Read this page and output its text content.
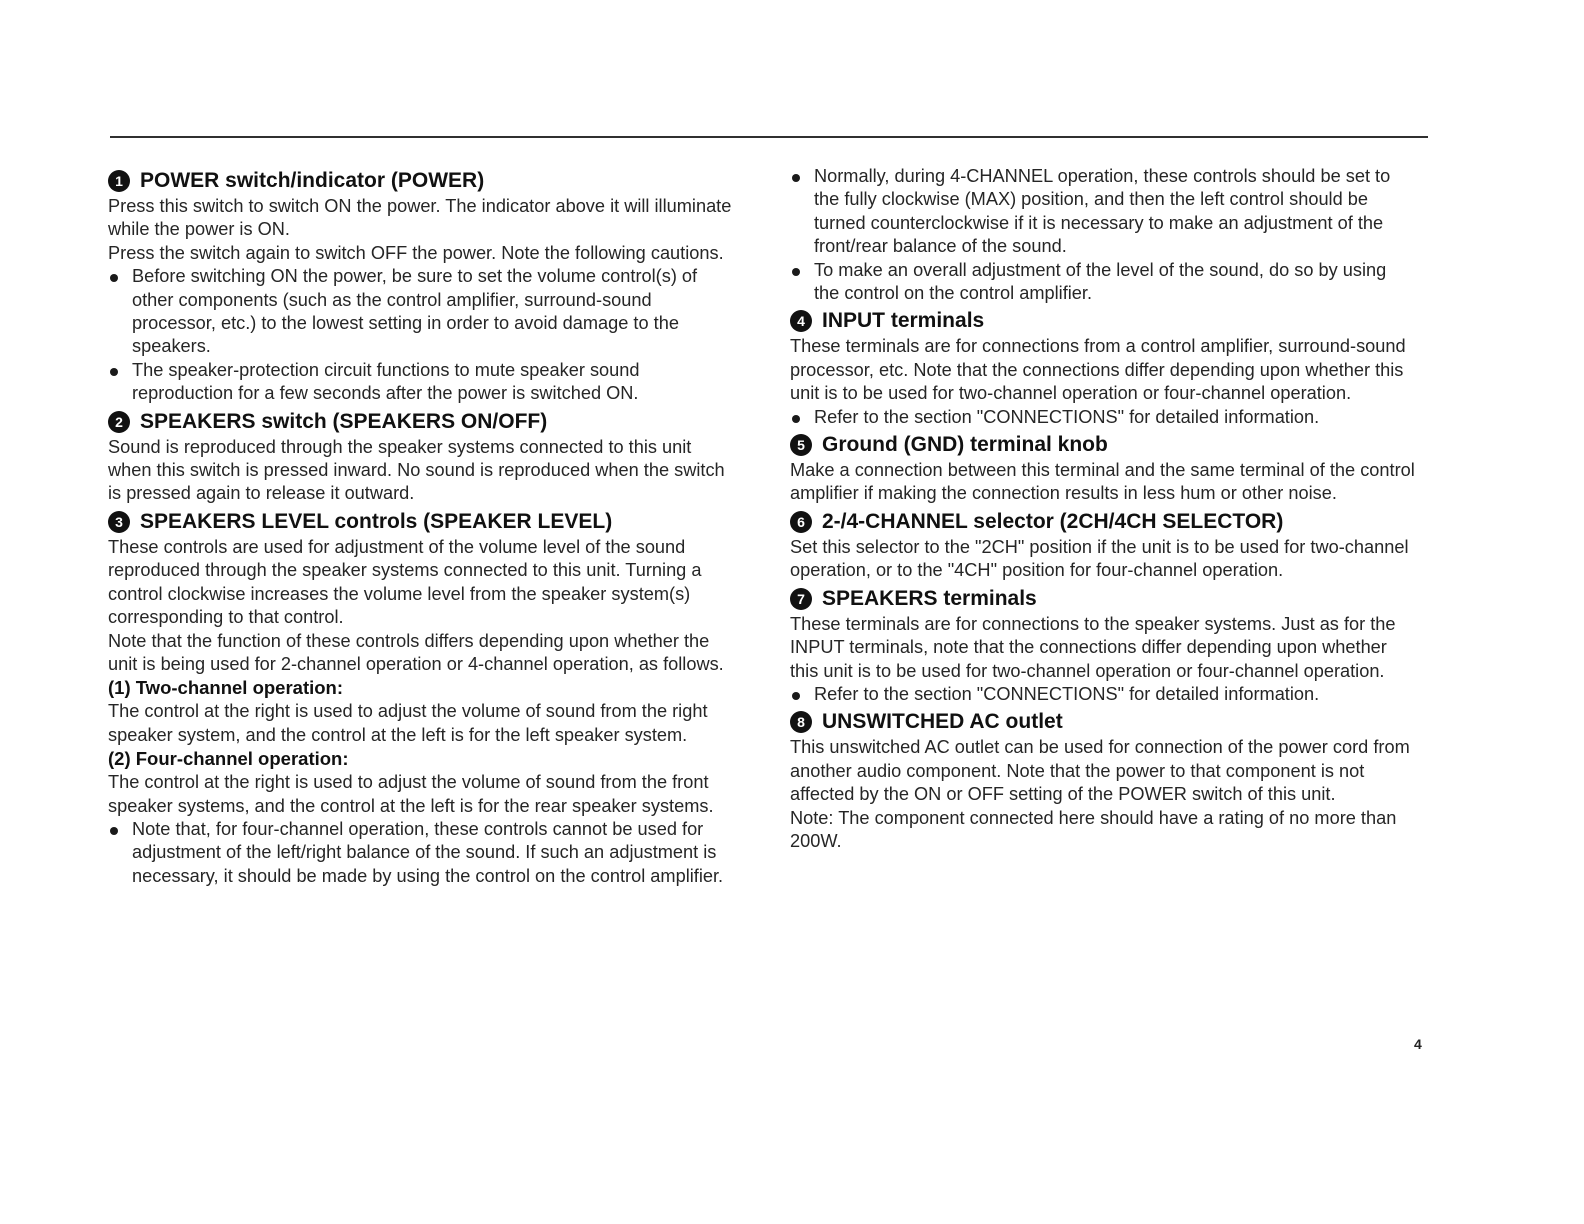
1 POWER switch/indicator (POWER)

Press this switch to switch ON the power. The indicator above it will illuminate while the power is ON.

Press the switch again to switch OFF the power. Note the following cautions.

Before switching ON the power, be sure to set the volume control(s) of other components (such as the control amplifier, surround-sound processor, etc.) to the lowest setting in order to avoid damage to the speakers.
The speaker-protection circuit functions to mute speaker sound reproduction for a few seconds after the power is switched ON.
2 SPEAKERS switch (SPEAKERS ON/OFF)

Sound is reproduced through the speaker systems connected to this unit when this switch is pressed inward. No sound is reproduced when the switch is pressed again to release it outward.

3 SPEAKERS LEVEL controls (SPEAKER LEVEL)

These controls are used for adjustment of the volume level of the sound reproduced through the speaker systems connected to this unit. Turning a control clockwise increases the volume level from the speaker system(s) corresponding to that control.

Note that the function of these controls differs depending upon whether the unit is being used for 2-channel operation or 4-channel operation, as follows.

(1) Two-channel operation:

The control at the right is used to adjust the volume of sound from the right speaker system, and the control at the left is for the left speaker system.

(2) Four-channel operation:

The control at the right is used to adjust the volume of sound from the front speaker systems, and the control at the left is for the rear speaker systems.

Note that, for four-channel operation, these controls cannot be used for adjustment of the left/right balance of the sound. If such an adjustment is necessary, it should be made by using the control on the control amplifier.
Normally, during 4-CHANNEL operation, these controls should be set to the fully clockwise (MAX) position, and then the left control should be turned counterclockwise if it is necessary to make an adjustment of the front/rear balance of the sound.
To make an overall adjustment of the level of the sound, do so by using the control on the control amplifier.
4 INPUT terminals

These terminals are for connections from a control amplifier, surround-sound processor, etc. Note that the connections differ depending upon whether this unit is to be used for two-channel operation or four-channel operation.

Refer to the section "CONNECTIONS" for detailed information.
5 Ground (GND) terminal knob

Make a connection between this terminal and the same terminal of the control amplifier if making the connection results in less hum or other noise.

6 2-/4-CHANNEL selector (2CH/4CH SELECTOR)

Set this selector to the "2CH" position if the unit is to be used for two-channel operation, or to the "4CH" position for four-channel operation.

7 SPEAKERS terminals

These terminals are for connections to the speaker systems. Just as for the INPUT terminals, note that the connections differ depending upon whether this unit is to be used for two-channel operation or four-channel operation.

Refer to the section "CONNECTIONS" for detailed information.
8 UNSWITCHED AC outlet

This unswitched AC outlet can be used for connection of the power cord from another audio component. Note that the power to that component is not affected by the ON or OFF setting of the POWER switch of this unit.

Note: The component connected here should have a rating of no more than 200W.

4
